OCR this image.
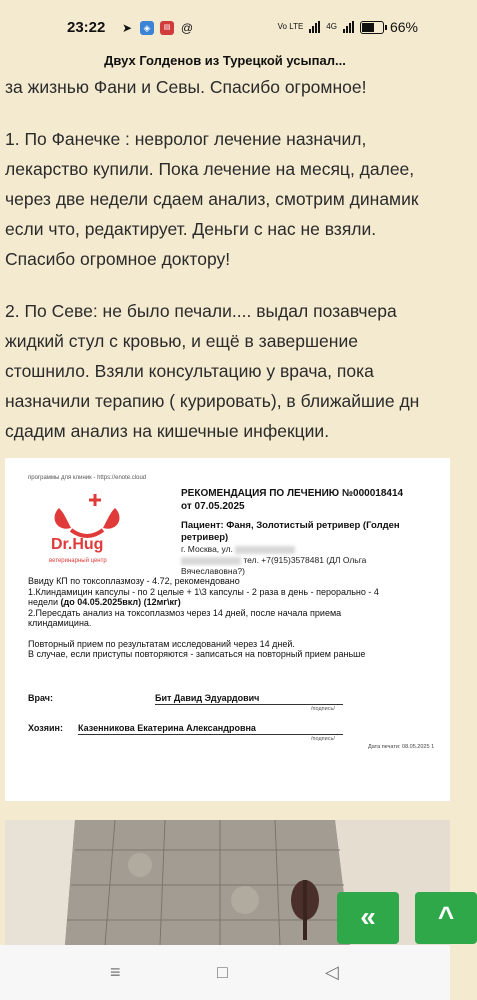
23:22 ➤	◈	▤ @	Vo LTE	4G	66%
Двух Голденов из Турецкой усыпал...

за жизнью Фани и Севы. Спасибо огромное!

1. По Фанечке : невролог лечение назначил,

лекарство купили. Пока лечение на месяц, далее,

через две недели сдаем анализ, смотрим динамик

если что, редактирует. Деньги с нас не взяли.

Спасибо огромное доктору!

2. По Севе: не было печали.... выдал позавчера

жидкий стул с кровью, и ещё в завершение

стошнило. Взяли консультацию у врача, пока

назначили терапию ( курировать), в ближайшие дн

сдадим анализ на кишечные инфекции.

программы для клиник - https://enote.cloud
Dr.Hug
ветеринарный центр
РЕКОМЕНДАЦИЯ ПО ЛЕЧЕНИЮ №000018414
от 07.05.2025
Пациент: Фаня, Золотистый ретривер (Голден
ретривер)
г. Москва, ул.
тел. +7(915)3578481 (ДЛ Ольга
Вячеславовна?)

Ввиду КП по токсоплазмозу - 4.72, рекомендовано

1.Клиндамицин капсулы - по 2 целые + 1\3 капсулы - 2 раза в день - перорально - 4

недели (до 04.05.2025вкл) (12мг\кг)

2.Пересдать анализ на токсоплазмоз через 14 дней, после начала приема

клиндамицина.

Повторный прием по результатам исследований через 14 дней.

В случае, если приступы повторяются - записаться на повторный прием раньше

Врач:	Бит Давид Эдуардович
/подпись/
Хозяин: Казенникова Екатерина Александровна
/подпись/
Дата печати: 08.05.2025 1
«	^
≡	□	◁
